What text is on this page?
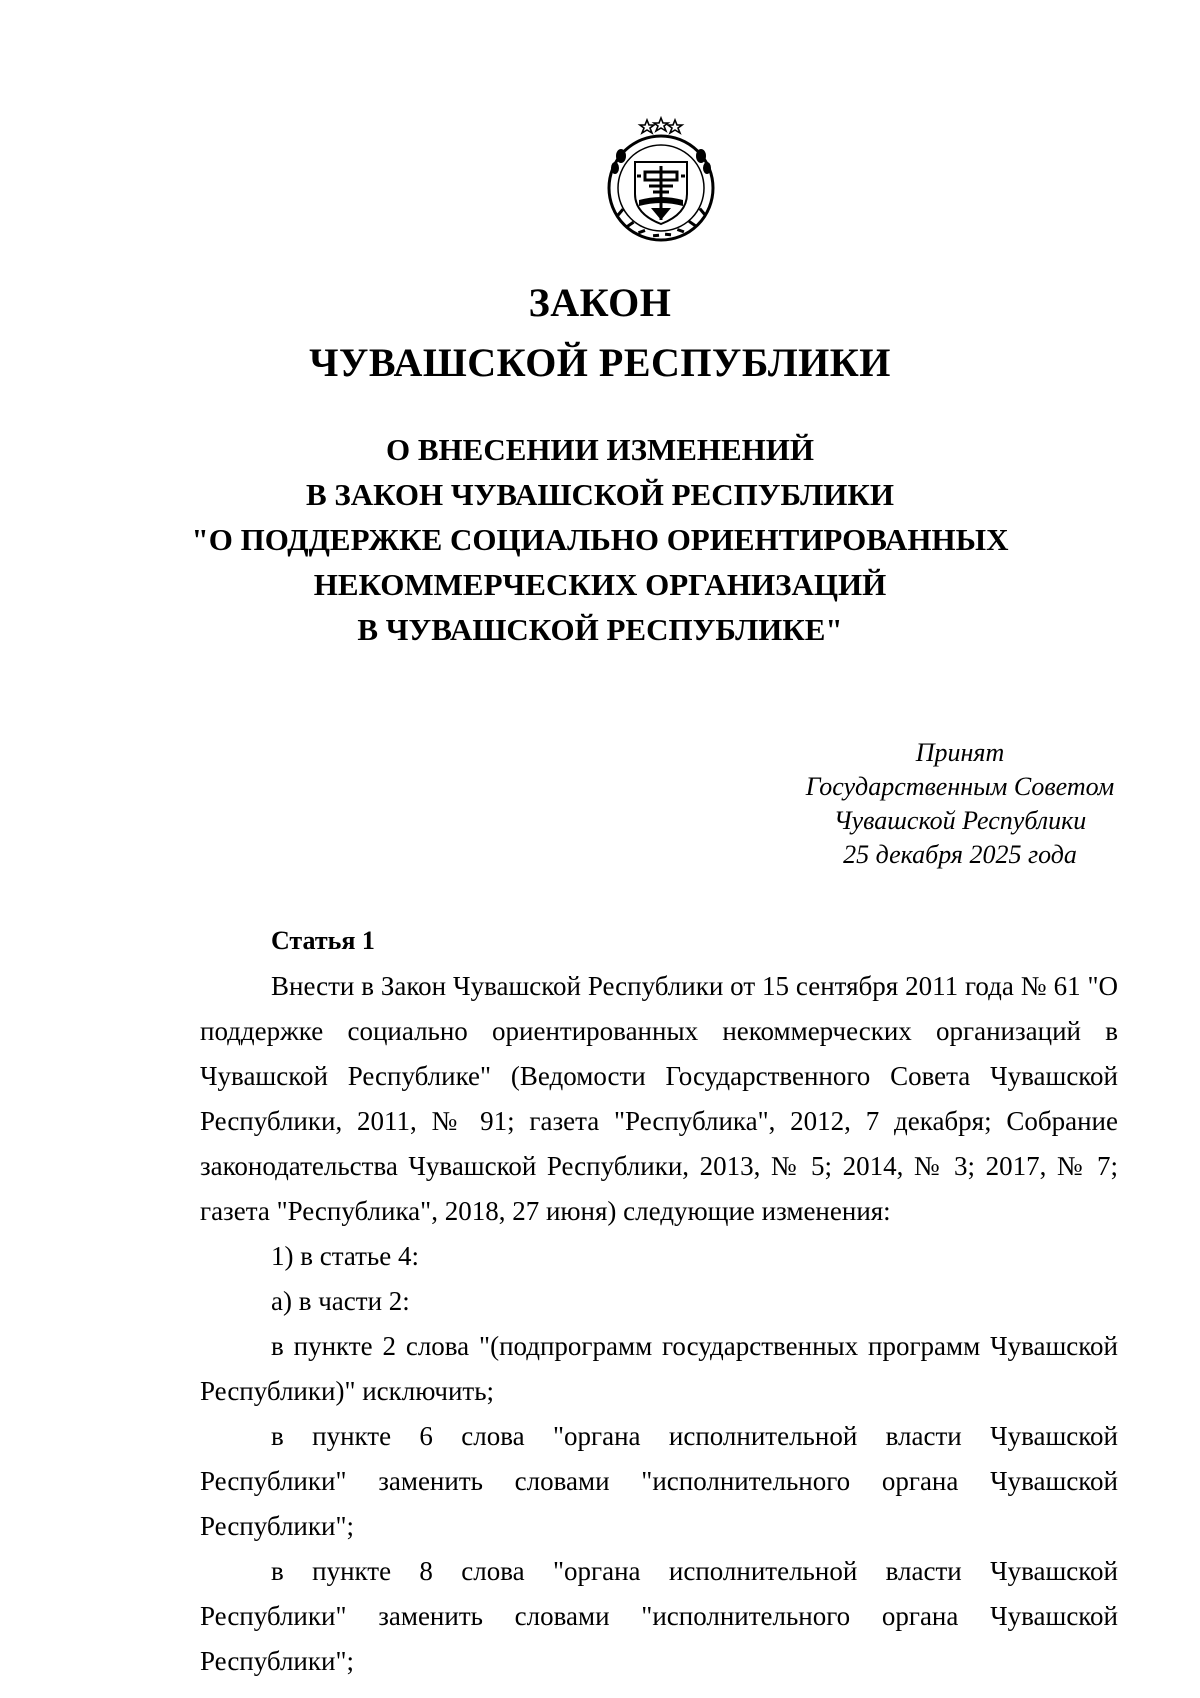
ЗАКОН
ЧУВАШСКОЙ РЕСПУБЛИКИ
О ВНЕСЕНИИ ИЗМЕНЕНИЙ
В ЗАКОН ЧУВАШСКОЙ РЕСПУБЛИКИ
"О ПОДДЕРЖКЕ СОЦИАЛЬНО ОРИЕНТИРОВАННЫХ
НЕКОММЕРЧЕСКИХ ОРГАНИЗАЦИЙ
В ЧУВАШСКОЙ РЕСПУБЛИКЕ"
Принят
Государственным Советом
Чувашской Республики
25 декабря 2025 года
Статья 1

Внести в Закон Чувашской Республики от 15 сентября 2011 года № 61 "О поддержке социально ориентированных некоммерческих организаций в Чувашской Республике" (Ведомости Государственного Совета Чувашской Республики, 2011, № 91; газета "Республика", 2012, 7 декабря; Собрание законодательства Чувашской Республики, 2013, № 5; 2014, № 3; 2017, № 7; газета "Республика", 2018, 27 июня) следующие изменения:

1) в статье 4:

а) в части 2:

в пункте 2 слова "(подпрограмм государственных программ Чувашской Республики)" исключить;

в пункте 6 слова "органа исполнительной власти Чувашской Республики" заменить словами "исполнительного органа Чувашской Республики";

в пункте 8 слова "органа исполнительной власти Чувашской Республики" заменить словами "исполнительного органа Чувашской Республики";
